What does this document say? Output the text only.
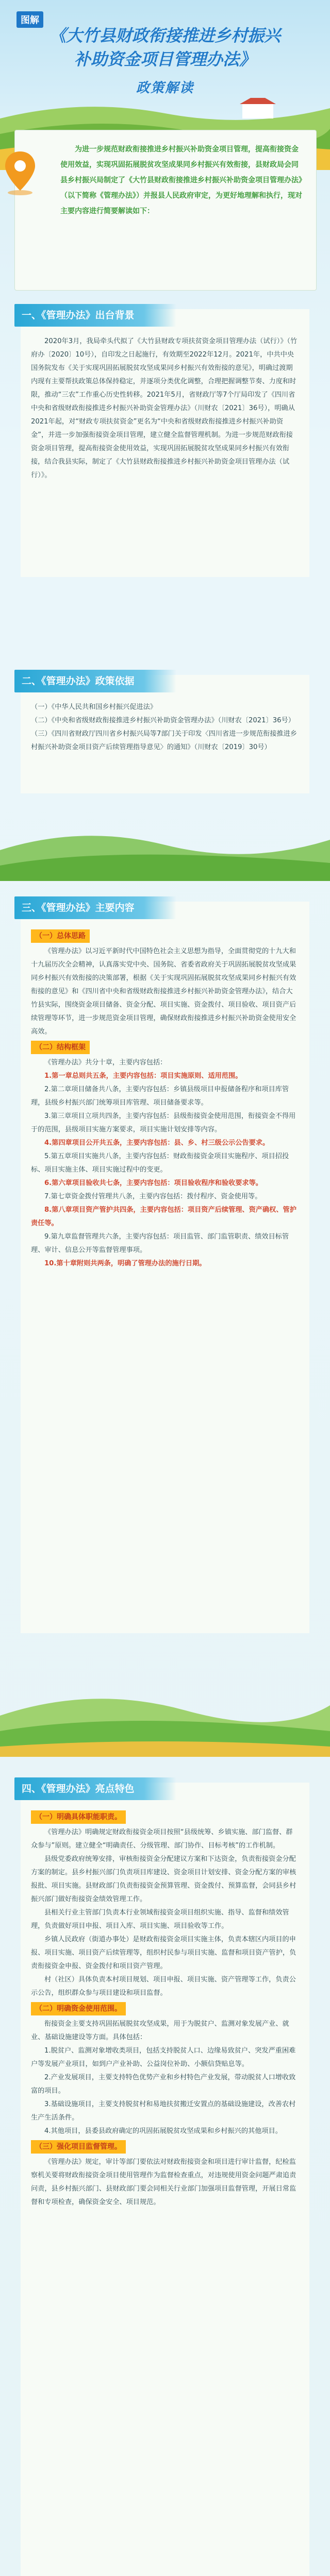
图解
《大竹县财政衔接推进乡村振兴
补助资金项目管理办法》
政策解读
为进一步规范财政衔接推进乡村振兴补助资金项目管理，提高衔接资金使用效益，实现巩固拓展脱贫攻坚成果同乡村振兴有效衔接，县财政局会同县乡村振兴局制定了《大竹县财政衔接推进乡村振兴补助资金项目管理办法》（以下简称《管理办法》）并报县人民政府审定，为更好地理解和执行，现对主要内容进行简要解读如下：
一、《管理办法》出台背景

2020年3月，我局牵头代拟了《大竹县财政专项扶贫资金项目管理办法（试行）》（竹府办〔2020〕10号），自印发之日起施行，有效期至2022年12月。2021年，中共中央国务院发布《关于实现巩固拓展脱贫攻坚成果同乡村振兴有效衔接的意见》，明确过渡期内现有主要帮扶政策总体保持稳定，并逐项分类优化调整，合理把握调整节奏、力度和时限，推动“三农”工作重心历史性转移。2021年5月，省财政厅等7个厅局印发了《四川省中央和省级财政衔接推进乡村振兴补助资金管理办法》（川财农〔2021〕36号），明确从2021年起，对“财政专项扶贫资金”更名为“中央和省级财政衔接推进乡村振兴补助资金”，并进一步加强衔接资金项目管理，建立健全监督管理机制。为进一步规范财政衔接资金项目管理，提高衔接资金使用效益，实现巩固拓展脱贫攻坚成果同乡村振兴有效衔接，结合我县实际，制定了《大竹县财政衔接推进乡村振兴补助资金项目管理办法（试行）》。

二、《管理办法》政策依据

（一）《中华人民共和国乡村振兴促进法》

（二）《中央和省级财政衔接推进乡村振兴补助资金管理办法》（川财农〔2021〕36号）

（三）《四川省财政厅四川省乡村振兴局等7部门关于印发〈四川省进一步规范衔接推进乡村振兴补助资金项目资产后续管理指导意见〉的通知》（川财农〔2019〕30号）

三、《管理办法》主要内容
（一）总体思路

《管理办法》以习近平新时代中国特色社会主义思想为指导，全面贯彻党的十九大和十九届历次全会精神，认真落实党中央、国务院、省委省政府关于巩固拓展脱贫攻坚成果同乡村振兴有效衔接的决策部署，根据《关于实现巩固拓展脱贫攻坚成果同乡村振兴有效衔接的意见》和《四川省中央和省级财政衔接推进乡村振兴补助资金管理办法》，结合大竹县实际，围绕资金项目储备、资金分配、项目实施、资金拨付、项目验收、项目资产后续管理等环节，进一步规范资金项目管理，确保财政衔接推进乡村振兴补助资金使用安全高效。

（二）结构框架

《管理办法》共分十章，主要内容包括：

1.第一章总则共五条，主要内容包括：项目实施原则、适用范围。

2.第二章项目储备共八条，主要内容包括：乡镇县级项目申报储备程序和项目库管理，县级乡村振兴部门统筹项目库管理、项目储备要求等。

3.第三章项目立项共四条，主要内容包括：县级衔接资金使用范围，衔接资金不得用于的范围，县级项目实施方案要求，项目实施计划安排等内容。

4.第四章项目公开共五条，主要内容包括：县、乡、村三级公示公告要求。

5.第五章项目实施共八条，主要内容包括：财政衔接资金项目实施程序、项目招投标、项目实施主体、项目实施过程中的变更。

6.第六章项目验收共七条，主要内容包括：项目验收程序和验收要求等。

7.第七章资金拨付管理共八条，主要内容包括：拨付程序、资金使用等。

8.第八章项目资产管护共四条，主要内容包括：项目资产后续管理、资产确权、管护责任等。

9.第九章监督管理共六条，主要内容包括：项目监管、部门监管职责、绩效目标管理、审计、信息公开等监督管理事项。

10.第十章附则共两条，明确了管理办法的施行日期。

四、《管理办法》亮点特色
（一）明确具体职能职责。

《管理办法》明确规定财政衔接资金项目按照“县级统筹、乡镇实施、部门监督、群众参与”原则。建立健全“明确责任、分级管理、部门协作、目标考核”的工作机制。

县级党委政府统筹安排，审核衔接资金分配建议方案和下达资金，负责衔接资金分配方案的制定。县乡村振兴部门负责项目库建设、资金项目计划安排、资金分配方案的审核报批、项目实施。县财政部门负责衔接资金预算管理、资金拨付、预算监督，会同县乡村振兴部门做好衔接资金绩效管理工作。

县相关行业主管部门负责本行业领域衔接资金项目组织实施、指导、监督和绩效管理，负责做好项目申报、项目入库、项目实施、项目验收等工作。

乡镇人民政府（街道办事处）是财政衔接资金项目实施主体，负责本辖区内项目的申报、项目实施、项目资产后续管理等，组织村民参与项目实施、监督和项目资产管护，负责衔接资金申报、资金拨付和项目资产管理。

村（社区）具体负责本村项目规划、项目申报、项目实施、资产管理等工作，负责公示公告，组织群众参与项目建设和项目监督。

（二）明确资金使用范围。

衔接资金主要支持巩固拓展脱贫攻坚成果，用于为脱贫户、监测对象发展产业、就业、基础设施建设等方面。具体包括：

1.脱贫户、监测对象增收类项目，包括支持脱贫人口、边缘易致贫户、突发严重困难户等发展产业项目，如到户产业补助、公益岗位补助、小额信贷贴息等。

2.产业发展项目，主要支持特色优势产业和乡村特色产业发展，带动脱贫人口增收致富的项目。

3.基础设施项目，主要支持脱贫村和易地扶贫搬迁安置点的基础设施建设，改善农村生产生活条件。

4.其他项目，县委县政府确定的巩固拓展脱贫攻坚成果和乡村振兴的其他项目。

（三）强化项目监督管理。

《管理办法》规定，审计等部门要依法对财政衔接资金和项目进行审计监督，纪检监察机关要将财政衔接资金项目使用管理作为监督检查重点，对违规使用资金问题严肃追责问责，县乡村振兴部门、县财政部门要会同相关行业部门加强项目监督管理，开展日常监督和专项检查，确保资金安全、项目规范。
